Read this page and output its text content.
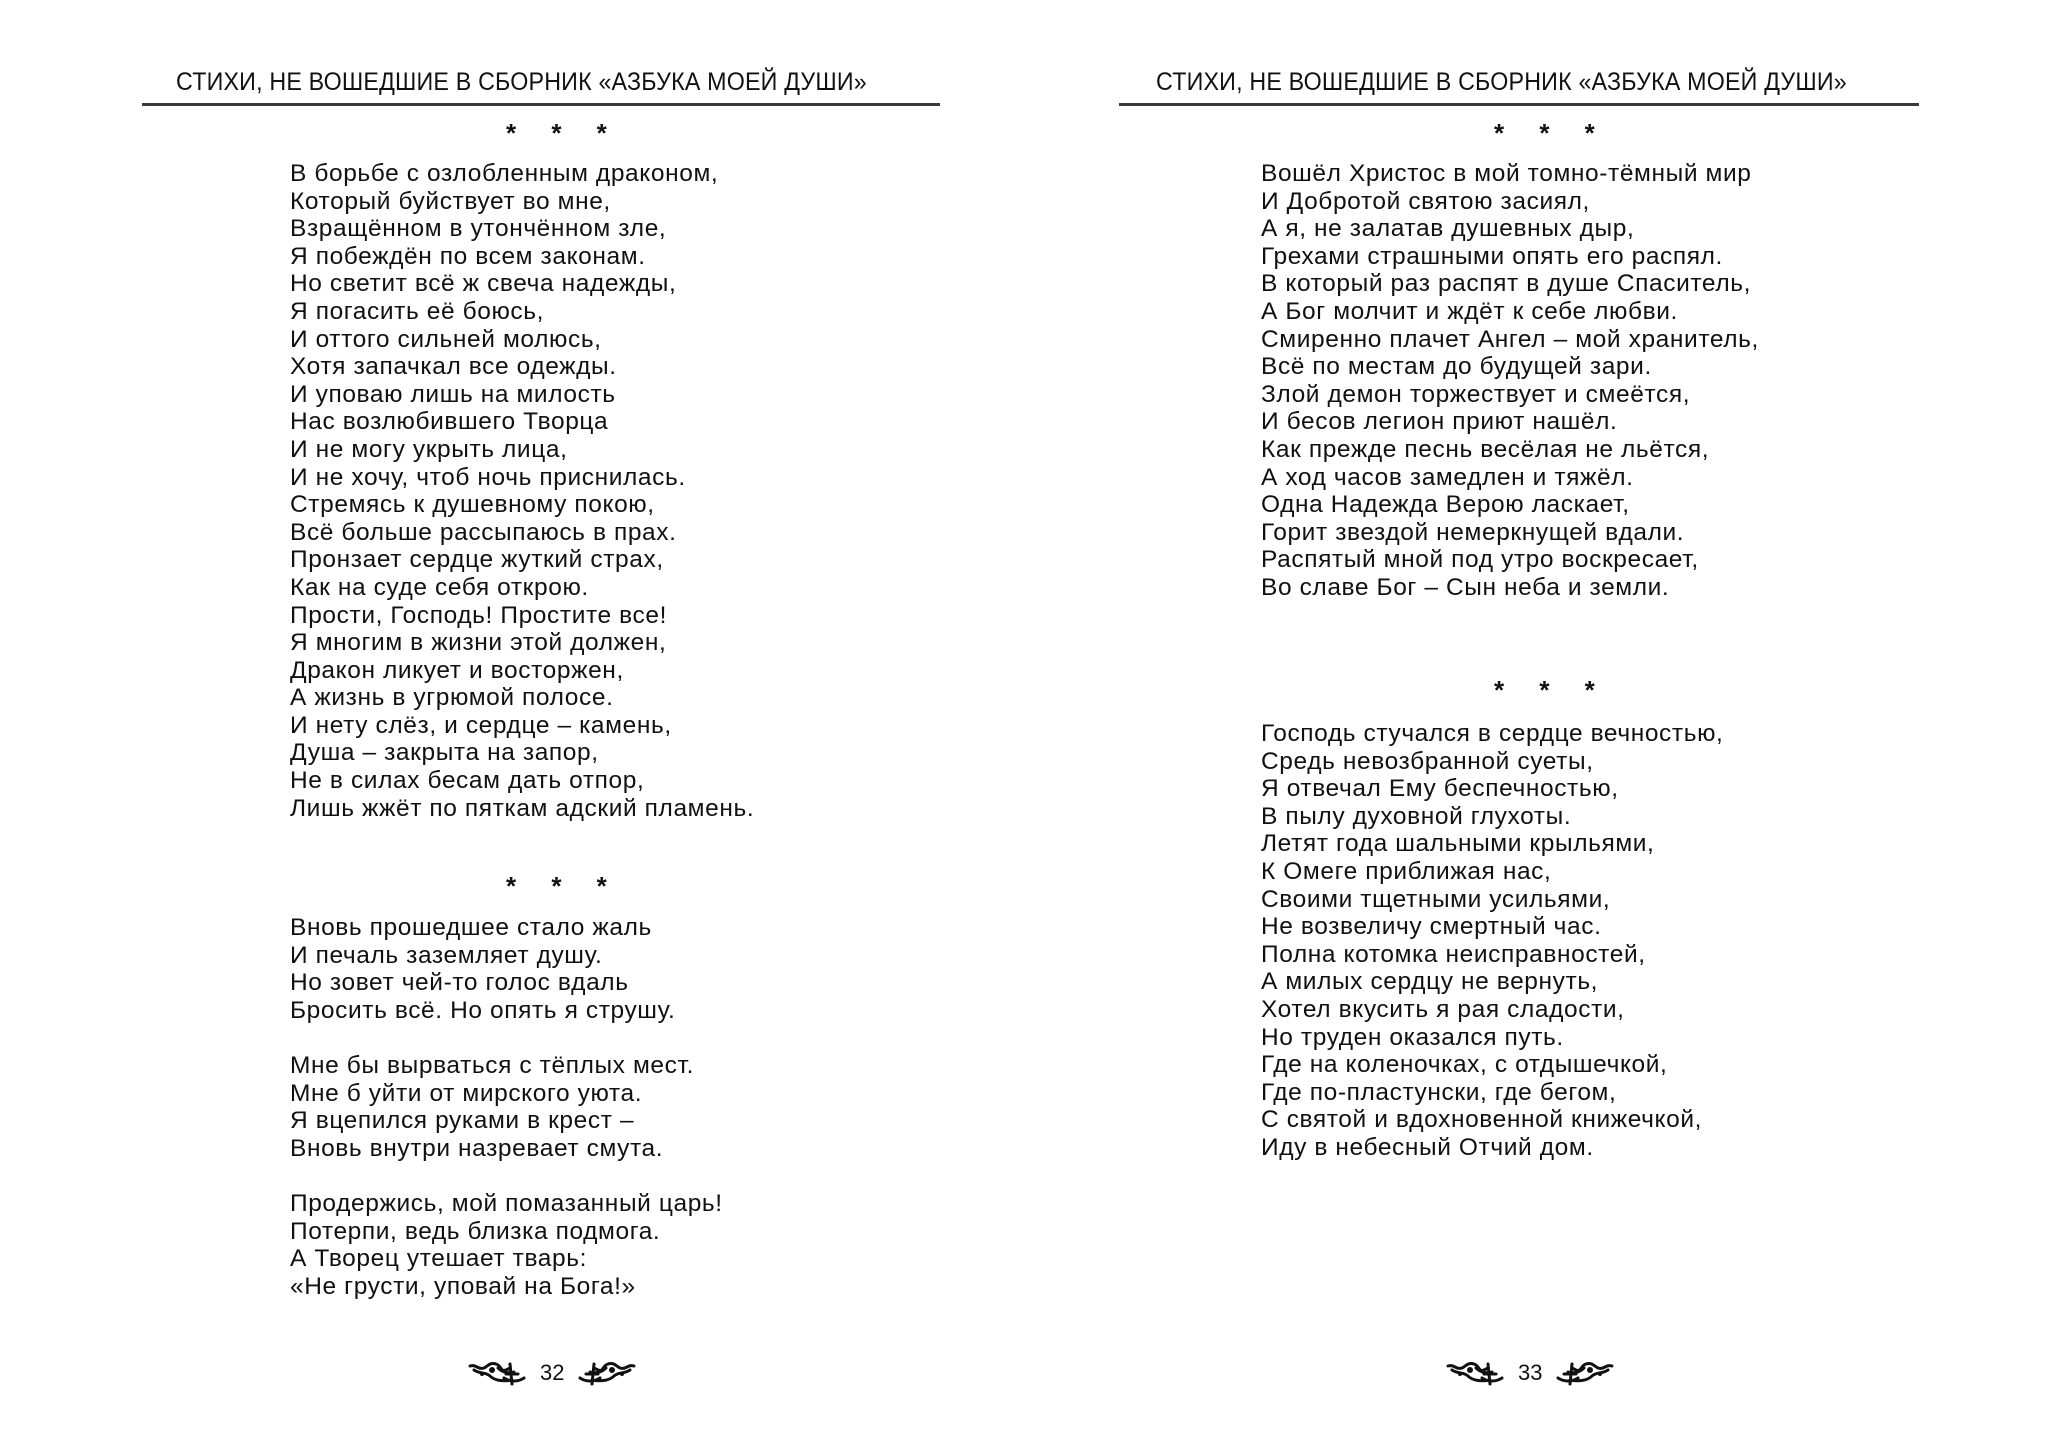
СТИХИ, НЕ ВОШЕДШИЕ В СБОРНИК «АЗБУКА МОЕЙ ДУШИ»
* * *
В борьбе с озлобленным драконом,
Который буйствует во мне,
Взращённом в утончённом зле,
Я побеждён по всем законам.
Но светит всё ж свеча надежды,
Я погасить её боюсь,
И оттого сильней молюсь,
Хотя запачкал все одежды.
И уповаю лишь на милость
Нас возлюбившего Творца
И не могу укрыть лица,
И не хочу, чтоб ночь приснилась.
Стремясь к душевному покою,
Всё больше рассыпаюсь в прах.
Пронзает сердце жуткий страх,
Как на суде себя открою.
Прости, Господь! Простите все!
Я многим в жизни этой должен,
Дракон ликует и восторжен,
А жизнь в угрюмой полосе.
И нету слёз, и сердце – камень,
Душа – закрыта на запор,
Не в силах бесам дать отпор,
Лишь жжёт по пяткам адский пламень.
* * *
Вновь прошедшее стало жаль
И печаль заземляет душу.
Но зовет чей-то голос вдаль
Бросить всё. Но опять я струшу.
Мне бы вырваться с тёплых мест.
Мне б уйти от мирского уюта.
Я вцепился руками в крест –
Вновь внутри назревает смута.
Продержись, мой помазанный царь!
Потерпи, ведь близка подмога.
А Творец утешает тварь:
«Не грусти, уповай на Бога!»
32
СТИХИ, НЕ ВОШЕДШИЕ В СБОРНИК «АЗБУКА МОЕЙ ДУШИ»
* * *
Вошёл Христос в мой томно-тёмный мир
И Добротой святою засиял,
А я, не залатав душевных дыр,
Грехами страшными опять его распял.
В который раз распят в душе Спаситель,
А Бог молчит и ждёт к себе любви.
Смиренно плачет Ангел – мой хранитель,
Всё по местам до будущей зари.
Злой демон торжествует и смеётся,
И бесов легион приют нашёл.
Как прежде песнь весёлая не льётся,
А ход часов замедлен и тяжёл.
Одна Надежда Верою ласкает,
Горит звездой немеркнущей вдали.
Распятый мной под утро воскресает,
Во славе Бог – Сын неба и земли.
* * *
Господь стучался в сердце вечностью,
Средь невозбранной суеты,
Я отвечал Ему беспечностью,
В пылу духовной глухоты.
Летят года шальными крыльями,
К Омеге приближая нас,
Своими тщетными усильями,
Не возвеличу смертный час.
Полна котомка неисправностей,
А милых сердцу не вернуть,
Хотел вкусить я рая сладости,
Но труден оказался путь.
Где на коленочках, с отдышечкой,
Где по-пластунски, где бегом,
С святой и вдохновенной книжечкой,
Иду в небесный Отчий дом.
33
